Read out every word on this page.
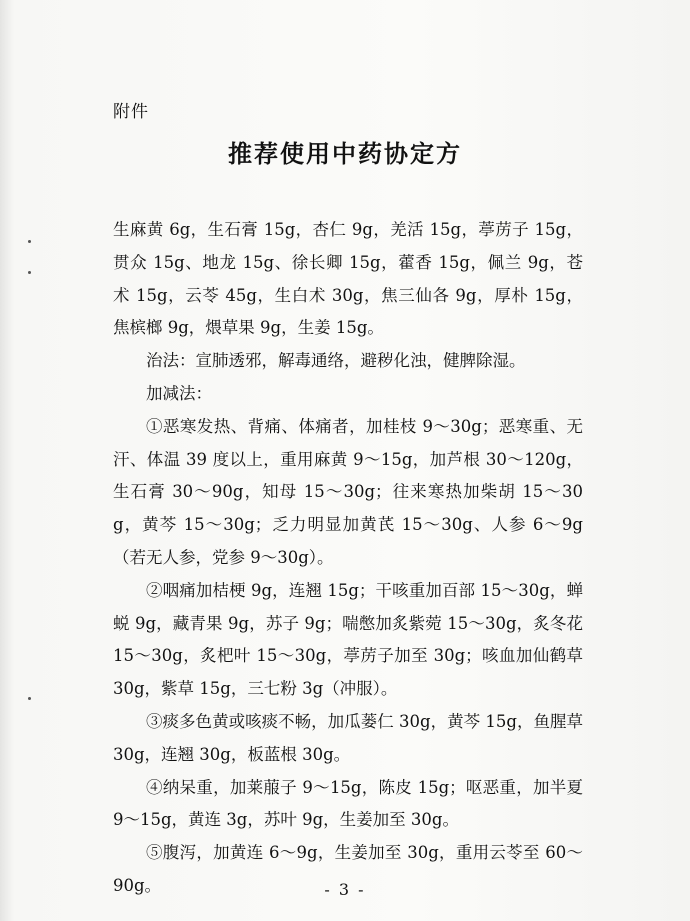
附件
推荐使用中药协定方

生麻黄 6g，生石膏 15g，杏仁 9g，羌活 15g，葶苈子 15g，贯众 15g、地龙 15g、徐长卿 15g，藿香 15g，佩兰 9g，苍术 15g，云苓 45g，生白术 30g，焦三仙各 9g，厚朴 15g，焦槟榔 9g，煨草果 9g，生姜 15g。

治法：宣肺透邪，解毒通络，避秽化浊，健脾除湿。

加减法：

①恶寒发热、背痛、体痛者，加桂枝 9～30g；恶寒重、无汗、体温 39 度以上，重用麻黄 9～15g，加芦根 30～120g，生石膏 30～90g，知母 15～30g；往来寒热加柴胡 15～30g，黄芩 15～30g；乏力明显加黄芪 15～30g、人参 6～9g（若无人参，党参 9～30g）。

②咽痛加桔梗 9g，连翘 15g；干咳重加百部 15～30g，蝉蜕 9g，藏青果 9g，苏子 9g；喘憋加炙紫菀 15～30g，炙冬花 15～30g，炙杷叶 15～30g，葶苈子加至 30g；咳血加仙鹤草 30g，紫草 15g，三七粉 3g（冲服）。

③痰多色黄或咳痰不畅，加瓜蒌仁 30g，黄芩 15g，鱼腥草 30g，连翘 30g，板蓝根 30g。

④纳呆重，加莱菔子 9～15g，陈皮 15g；呕恶重，加半夏 9～15g，黄连 3g，苏叶 9g，生姜加至 30g。

⑤腹泻，加黄连 6～9g，生姜加至 30g，重用云苓至 60～90g。	- 3 -
